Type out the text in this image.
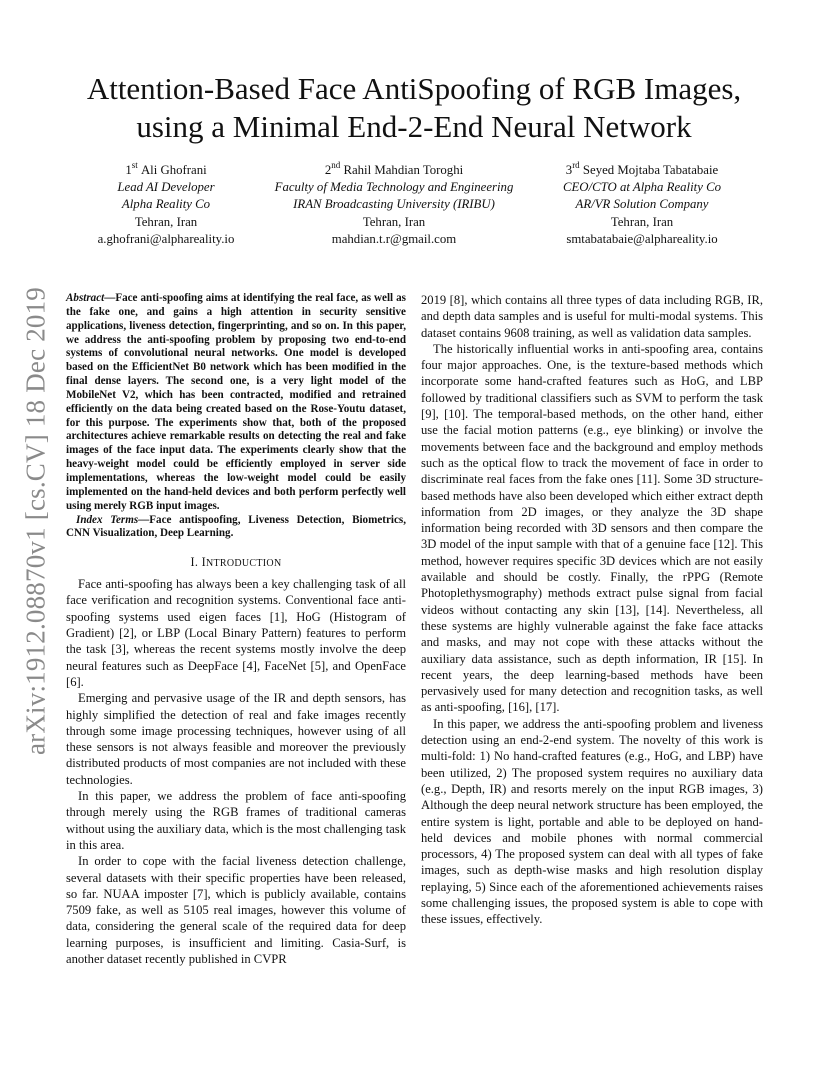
Attention-Based Face AntiSpoofing of RGB Images,
using a Minimal End-2-End Neural Network
1st Ali Ghofrani
Lead AI Developer
Alpha Reality Co
Tehran, Iran
a.ghofrani@alphareality.io
2nd Rahil Mahdian Toroghi
Faculty of Media Technology and Engineering
IRAN Broadcasting University (IRIBU)
Tehran, Iran
mahdian.t.r@gmail.com
3rd Seyed Mojtaba Tabatabaie
CEO/CTO at Alpha Reality Co
AR/VR Solution Company
Tehran, Iran
smtabatabaie@alphareality.io
arXiv:1912.08870v1 [cs.CV] 18 Dec 2019 Abstract—Face anti-spoofing aims at identifying the real face, as well as the fake one, and gains a high attention in security sensitive applications, liveness detection, fingerprinting, and so on. In this paper, we address the anti-spoofing problem by proposing two end-to-end systems of convolutional neural networks. One model is developed based on the EfficientNet B0 network which has been modified in the final dense layers. The second one, is a very light model of the MobileNet V2, which has been contracted, modified and retrained efficiently on the data being created based on the Rose-Youtu dataset, for this purpose. The experiments show that, both of the proposed architectures achieve remarkable results on detecting the real and fake images of the face input data. The experiments clearly show that the heavy-weight model could be efficiently employed in server side implementations, whereas the low-weight model could be easily implemented on the hand-held devices and both perform perfectly well using merely RGB input images.

Index Terms—Face antispoofing, Liveness Detection, Biometrics, CNN Visualization, Deep Learning.

I. INTRODUCTION

Face anti-spoofing has always been a key challenging task of all face verification and recognition systems. Conventional face anti-spoofing systems used eigen faces [1], HoG (Histogram of Gradient) [2], or LBP (Local Binary Pattern) features to perform the task [3], whereas the recent systems mostly involve the deep neural features such as DeepFace [4], FaceNet [5], and OpenFace [6].

Emerging and pervasive usage of the IR and depth sensors, has highly simplified the detection of real and fake images recently through some image processing techniques, however using of all these sensors is not always feasible and moreover the previously distributed products of most companies are not included with these technologies.

In this paper, we address the problem of face anti-spoofing through merely using the RGB frames of traditional cameras without using the auxiliary data, which is the most challenging task in this area.

In order to cope with the facial liveness detection challenge, several datasets with their specific properties have been released, so far. NUAA imposter [7], which is publicly available, contains 7509 fake, as well as 5105 real images, however this volume of data, considering the general scale of the required data for deep learning purposes, is insufficient and limiting. Casia-Surf, is another dataset recently published in CVPR

2019 [8], which contains all three types of data including RGB, IR, and depth data samples and is useful for multi-modal systems. This dataset contains 9608 training, as well as validation data samples.

The historically influential works in anti-spoofing area, contains four major approaches. One, is the texture-based methods which incorporate some hand-crafted features such as HoG, and LBP followed by traditional classifiers such as SVM to perform the task [9], [10]. The temporal-based methods, on the other hand, either use the facial motion patterns (e.g., eye blinking) or involve the movements between face and the background and employ methods such as the optical flow to track the movement of face in order to discriminate real faces from the fake ones [11]. Some 3D structure-based methods have also been developed which either extract depth information from 2D images, or they analyze the 3D shape information being recorded with 3D sensors and then compare the 3D model of the input sample with that of a genuine face [12]. This method, however requires specific 3D devices which are not easily available and should be costly. Finally, the rPPG (Remote Photoplethysmography) methods extract pulse signal from facial videos without contacting any skin [13], [14]. Nevertheless, all these systems are highly vulnerable against the fake face attacks and masks, and may not cope with these attacks without the auxiliary data assistance, such as depth information, IR [15]. In recent years, the deep learning-based methods have been pervasively used for many detection and recognition tasks, as well as anti-spoofing, [16], [17].

In this paper, we address the anti-spoofing problem and liveness detection using an end-2-end system. The novelty of this work is multi-fold: 1) No hand-crafted features (e.g., HoG, and LBP) have been utilized, 2) The proposed system requires no auxiliary data (e.g., Depth, IR) and resorts merely on the input RGB images, 3) Although the deep neural network structure has been employed, the entire system is light, portable and able to be deployed on hand-held devices and mobile phones with normal commercial processors, 4) The proposed system can deal with all types of fake images, such as depth-wise masks and high resolution display replaying, 5) Since each of the aforementioned achievements raises some challenging issues, the proposed system is able to cope with these issues, effectively.
